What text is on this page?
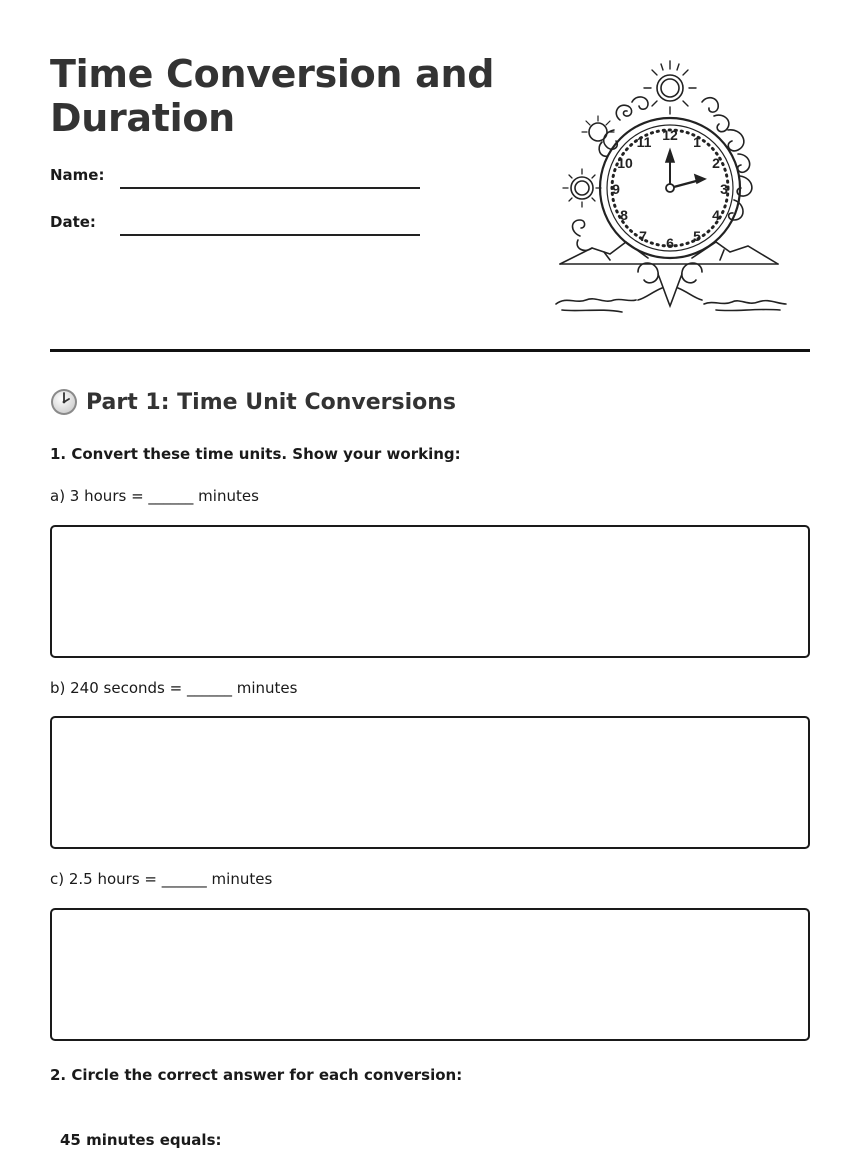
Time Conversion and Duration
Name:
Date:
12 1
2
3
4
5
6
7
8
9
10
11
Part 1: Time Unit Conversions
1. Convert these time units. Show your working:
a) 3 hours = ______ minutes
b) 240 seconds = ______ minutes
c) 2.5 hours = ______ minutes
2. Circle the correct answer for each conversion:
45 minutes equals:
